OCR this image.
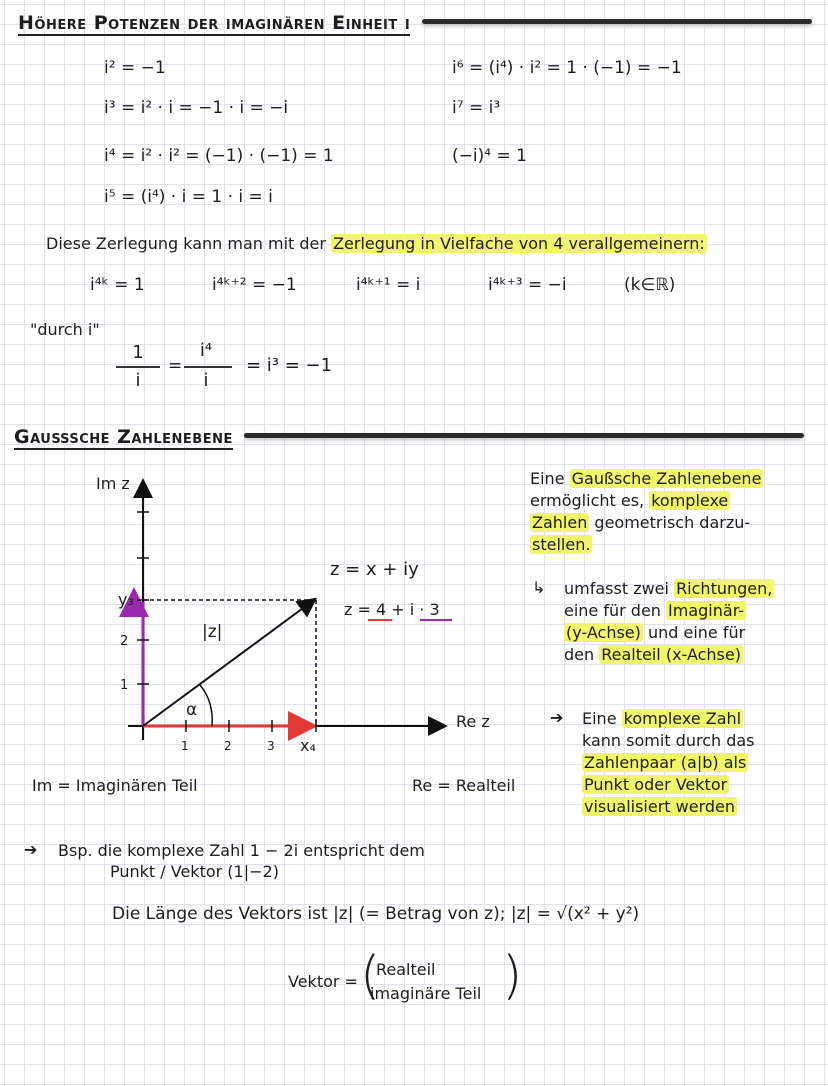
Höhere Potenzen der imaginären Einheit i
i² = −1
i³ = i² · i = −1 · i = −i
i⁴ = i² · i² = (−1) · (−1) = 1
i⁵ = (i⁴) · i = 1 · i = i
i⁶ = (i⁴) · i² = 1 · (−1) = −1
i⁷ = i³
(−i)⁴ = 1
Diese Zerlegung kann man mit der Zerlegung in Vielfache von 4 verallgemeinern:
i⁴ᵏ = 1	i⁴ᵏ⁺² = −1	i⁴ᵏ⁺¹ = i	i⁴ᵏ⁺³ = −i	(k∈ℝ)
"durch i"
1
i
=
i⁴
i
= i³ = −1
Gaußsche Zahlenebene
Im z
Re z
y₃
2
1
1	2	3 x₄
|z|
α
z = x + iy
z = 4 + i · 3
Im = Imaginären Teil	Re = Realteil
Eine Gaußsche Zahlenebene
ermöglicht es, komplexe
Zahlen geometrisch darzu-
stellen.
↳ umfasst zwei Richtungen,
eine für den Imaginär-
(y-Achse) und eine für
den Realteil (x-Achse)
➔ Eine komplexe Zahl
kann somit durch das
Zahlenpaar (a|b) als
Punkt oder Vektor
visualisiert werden
➔ Bsp. die komplexe Zahl 1 − 2i entspricht dem
Punkt / Vektor (1|−2)
Die Länge des Vektors ist |z| (= Betrag von z); |z| = √(x² + y²)
Vektor = (
Realteil
imaginäre Teil )
